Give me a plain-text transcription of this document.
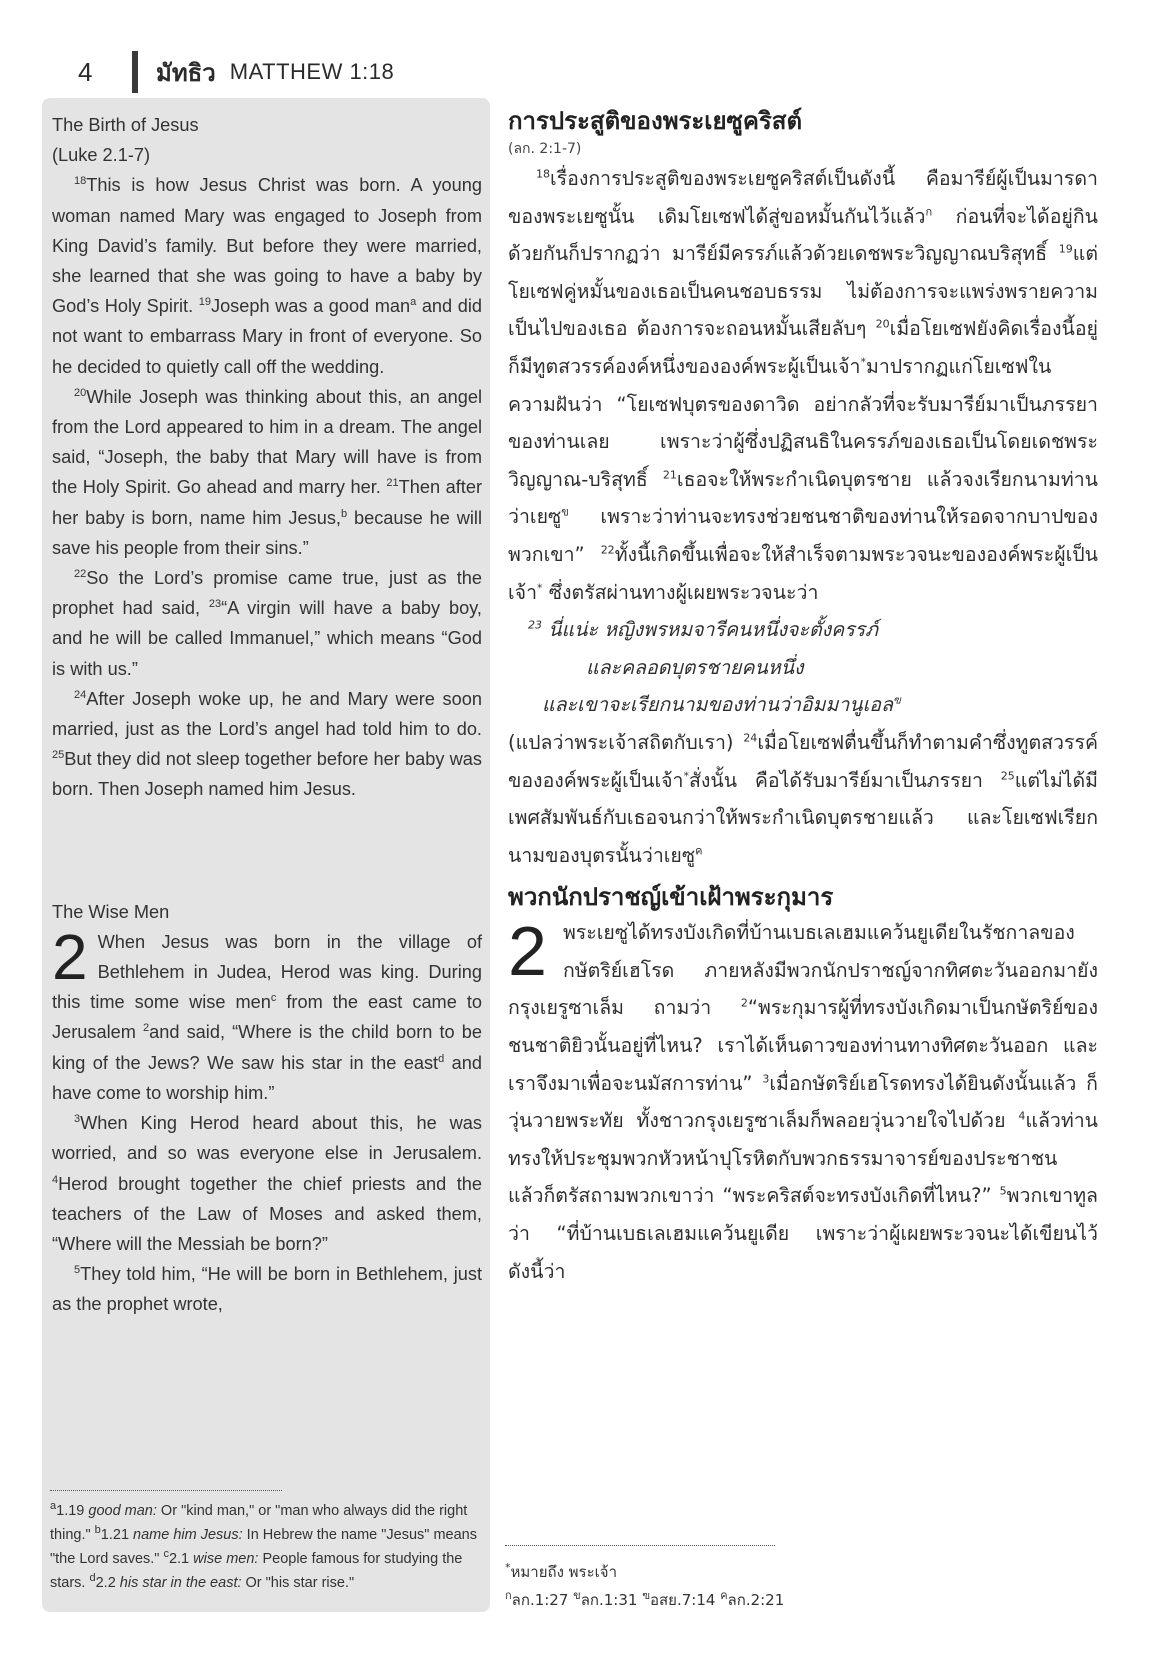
4	มัทธิว MATTHEW 1:18

The Birth of Jesus

(Luke 2.1-7)

$^{18}$This is how Jesus Christ was born. A young woman named Mary was engaged to Joseph from King David’s family. But before they were married, she learned that she was going to have a baby by God’s Holy Spirit. $^{19}$Joseph was a good man$^a$ and did not want to embarrass Mary in front of everyone. So he decided to quietly call off the wedding.

$^{20}$While Joseph was thinking about this, an angel from the Lord appeared to him in a dream. The angel said, “Joseph, the baby that Mary will have is from the Holy Spirit. Go ahead and marry her. $^{21}$Then after her baby is born, name him Jesus,$^b$ because he will save his people from their sins.”

$^{22}$So the Lord’s promise came true, just as the prophet had said, $^{23}$“A virgin will have a baby boy, and he will be called Immanuel,” which means “God is with us.”

$^{24}$After Joseph woke up, he and Mary were soon married, just as the Lord’s angel had told him to do. $^{25}$But they did not sleep together before her baby was born. Then Joseph named him Jesus.

The Wise Men

2 When Jesus was born in the village of Bethlehem in Judea, Herod was king. During this time some wise men$^c$ from the east came to Jerusalem $^2$and said, “Where is the child born to be king of the Jews? We saw his star in the east$^d$ and have come to worship him.”

$^3$When King Herod heard about this, he was worried, and so was everyone else in Jerusalem. $^4$Herod brought together the chief priests and the teachers of the Law of Moses and asked them, “Where will the Messiah be born?”

$^5$They told him, “He will be born in Bethlehem, just as the prophet wrote,

$^a$1.19 good man: Or "kind man," or "man who always did the right thing." $^b$1.21 name him Jesus: In Hebrew the name "Jesus" means "the Lord saves." $^c$2.1 wise men: People famous for studying the stars. $^d$2.2 his star in the east: Or "his star rise."

การประสูติของพระเยซูคริสต์

(ลก. 2:1-7)

$^{18}$เรื่องการประสูติของพระเยซูคริสต์เป็นดังนี้ คือมารีย์ผู้เป็นมารดาของพระเยซูนั้น เดิมโยเซฟได้สู่ขอหมั้นกันไว้แล้ว$^ก$ ก่อนที่จะได้อยู่กินด้วยกันก็ปรากฏว่า มารีย์มีครรภ์แล้วด้วยเดชพระวิญญาณบริสุทธิ์ $^{19}$แต่โยเซฟคู่หมั้นของเธอเป็นคนชอบธรรม ไม่ต้องการจะแพร่งพรายความเป็นไปของเธอ ต้องการจะถอนหมั้นเสียลับๆ $^{20}$เมื่อโยเซฟยังคิดเรื่องนี้อยู่ ก็มีทูตสวรรค์องค์หนึ่งขององค์พระผู้เป็นเจ้า*มาปรากฏแก่โยเซฟในความฝันว่า “โยเซฟบุตรของดาวิด อย่ากลัวที่จะรับมารีย์มาเป็นภรรยาของท่านเลย เพราะว่าผู้ซึ่งปฏิสนธิในครรภ์ของเธอเป็นโดยเดชพระวิญญาณ-บริสุทธิ์ $^{21}$เธอจะให้พระกำเนิดบุตรชาย แล้วจงเรียกนามท่านว่าเยซู$^ข$ เพราะว่าท่านจะทรงช่วยชนชาติของท่านให้รอดจากบาปของพวกเขา” $^{22}$ทั้งนี้เกิดขึ้นเพื่อจะให้สำเร็จตามพระวจนะขององค์พระผู้เป็นเจ้า* ซึ่งตรัสผ่านทางผู้เผยพระวจนะว่า

$^{23}$ นี่แน่ะ หญิงพรหมจารีคนหนึ่งจะตั้งครรภ์

และคลอดบุตรชายคนหนึ่ง

และเขาจะเรียกนามของท่านว่าอิมมานูเอล$^ฃ$

(แปลว่าพระเจ้าสถิตกับเรา) $^{24}$เมื่อโยเซฟตื่นขึ้นก็ทำตามคำซึ่งทูตสวรรค์ขององค์พระผู้เป็นเจ้า*สั่งนั้น คือได้รับมารีย์มาเป็นภรรยา $^{25}$แต่ไม่ได้มีเพศสัมพันธ์กับเธอจนกว่าให้พระกำเนิดบุตรชายแล้ว และโยเซฟเรียกนามของบุตรนั้นว่าเยซู$^ค$

พวกนักปราชญ์เข้าเฝ้าพระกุมาร

2 พระเยซูได้ทรงบังเกิดที่บ้านเบธเลเฮมแคว้นยูเดียในรัชกาลของกษัตริย์เฮโรด ภายหลังมีพวกนักปราชญ์จากทิศตะวันออกมายังกรุงเยรูซาเล็ม ถามว่า $^2$“พระกุมารผู้ที่ทรงบังเกิดมาเป็นกษัตริย์ของชนชาติยิวนั้นอยู่ที่ไหน? เราได้เห็นดาวของท่านทางทิศตะวันออก และเราจึงมาเพื่อจะนมัสการท่าน” $^3$เมื่อกษัตริย์เฮโรดทรงได้ยินดังนั้นแล้ว ก็วุ่นวายพระทัย ทั้งชาวกรุงเยรูซาเล็มก็พลอยวุ่นวายใจไปด้วย $^4$แล้วท่านทรงให้ประชุมพวกหัวหน้าปุโรหิตกับพวกธรรมาจารย์ของประชาชน แล้วก็ตรัสถามพวกเขาว่า “พระคริสต์จะทรงบังเกิดที่ไหน?” $^5$พวกเขาทูลว่า “ที่บ้านเบธเลเฮมแคว้นยูเดีย เพราะว่าผู้เผยพระวจนะได้เขียนไว้ ดังนี้ว่า

*หมายถึง พระเจ้า

$^ก$ลก.1:27 $^ข$ลก.1:31 $^ฃ$อสย.7:14 $^ค$ลก.2:21
